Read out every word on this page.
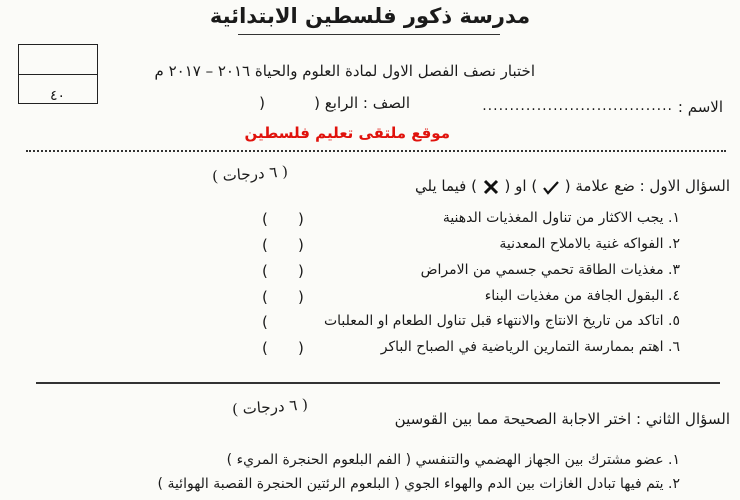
مدرسة ذكور فلسطين الابتدائية
اختبار نصف الفصل الاول لمادة العلوم والحياة ٢٠١٦ – ٢٠١٧ م
٤٠
الاسم :
...................................
الصف : الرابع (
)
موقع ملتقى تعليم فلسطين
السؤال الاول : ضع علامة (  ) او (  ) فيما يلي
( ٦ درجات )
١. يجب الاكثار من تناول المغذيات الدهنية
( )
٢. الفواكه غنية بالاملاح المعدنية
( )
٣. مغذيات الطاقة تحمي جسمي من الامراض
( )
٤. البقول الجافة من مغذيات البناء
( )
٥. اتاكد من تاريخ الانتاج والانتهاء قبل تناول الطعام او المعلبات
(
٦. اهتم بممارسة التمارين الرياضية في الصباح الباكر
( )
السؤال الثاني : اختر الاجابة الصحيحة مما بين القوسين
( ٦ درجات )
١. عضو مشترك بين الجهاز الهضمي والتنفسي ( الفم البلعوم الحنجرة المريء )
٢. يتم فيها تبادل الغازات بين الدم والهواء الجوي ( البلعوم الرئتين الحنجرة القصبة الهوائية )
